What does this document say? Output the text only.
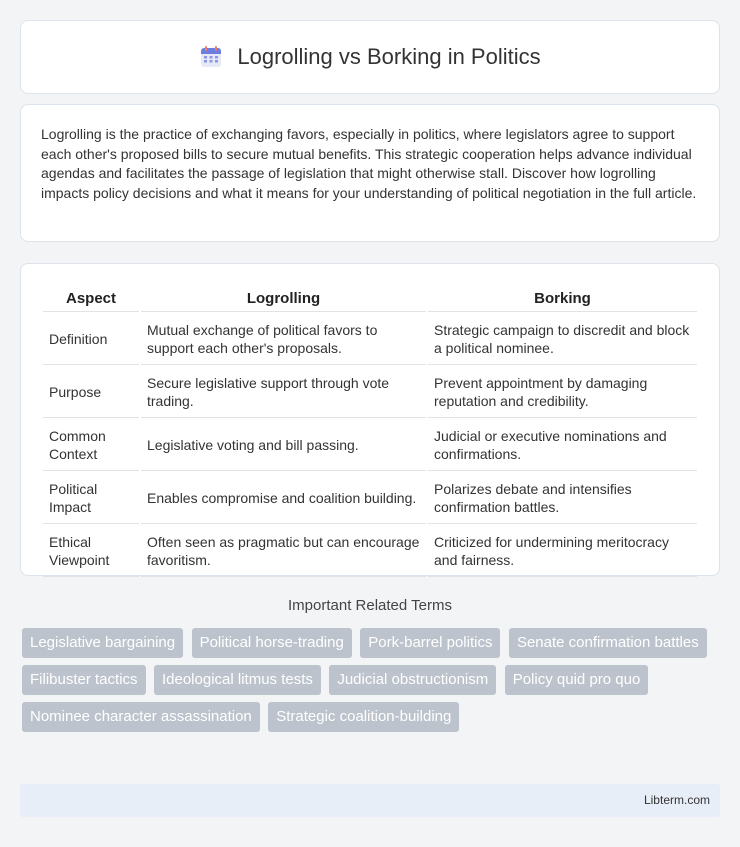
Logrolling vs Borking in Politics

Logrolling is the practice of exchanging favors, especially in politics, where legislators agree to support each other's proposed bills to secure mutual benefits. This strategic cooperation helps advance individual agendas and facilitates the passage of legislation that might otherwise stall. Discover how logrolling impacts policy decisions and what it means for your understanding of political negotiation in the full article.

Aspect	Logrolling	Borking
Definition	Mutual exchange of political favors to support each other's proposals.	Strategic campaign to discredit and block a political nominee.
Purpose	Secure legislative support through vote trading.	Prevent appointment by damaging reputation and credibility.
Common Context	Legislative voting and bill passing.	Judicial or executive nominations and confirmations.
Political Impact	Enables compromise and coalition building.	Polarizes debate and intensifies confirmation battles.
Ethical Viewpoint	Often seen as pragmatic but can encourage favoritism.	Criticized for undermining meritocracy and fairness.
Important Related Terms
Legislative bargaining Political horse-trading Pork-barrel politics Senate confirmation battles Filibuster tactics Ideological litmus tests Judicial obstructionism Policy quid pro quo Nominee character assassination Strategic coalition-building
Libterm.com
